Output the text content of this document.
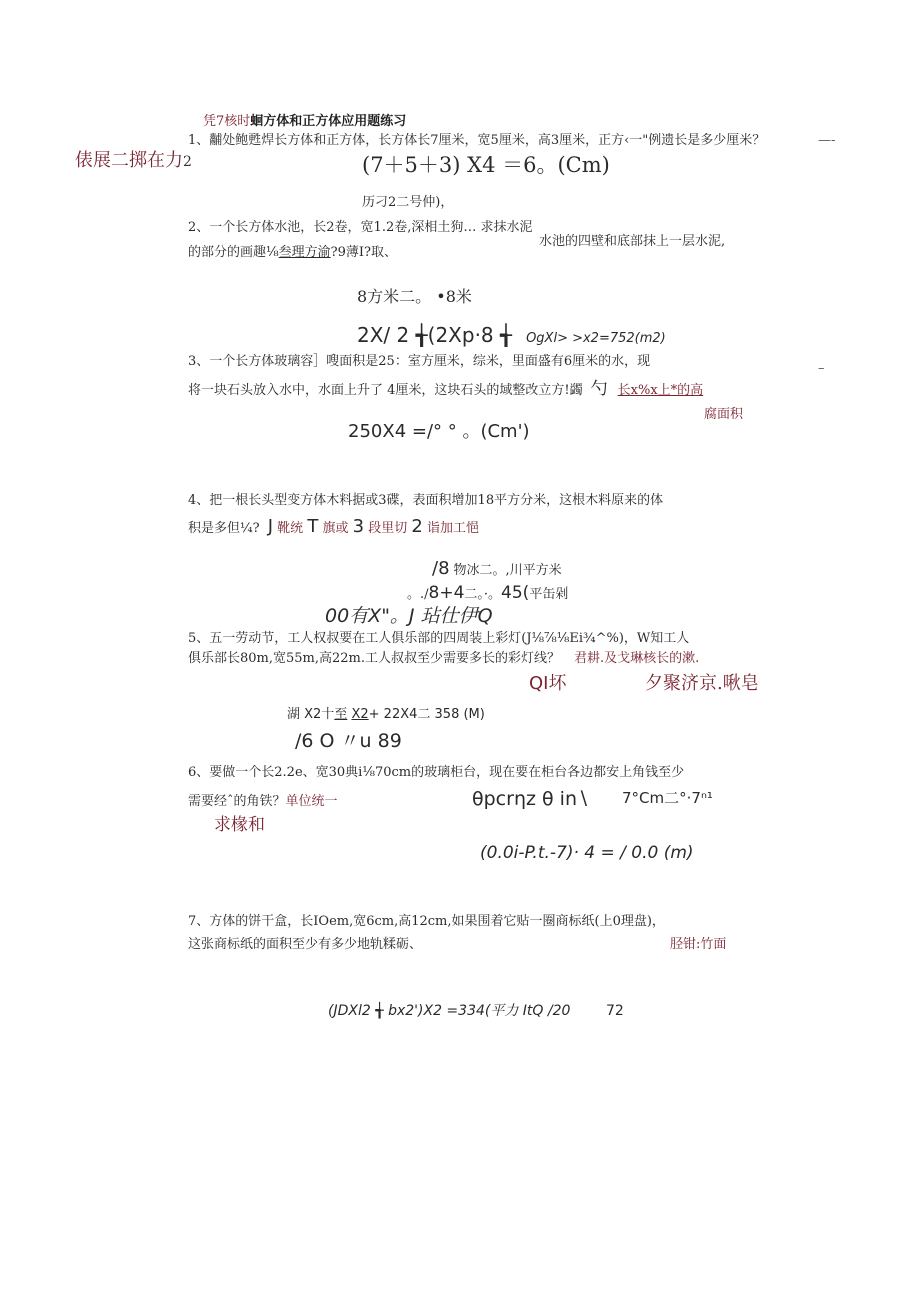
凭7核时蛔方体和正方体应用题练习
—-
1、黼处鲍甦焊长方体和正方体，长方体长7厘米，宽5厘米，高3厘米，正方‹一"例遗长是多少厘米？
俵展二掷在力2	(7＋5＋3) X4 ＝6。(Cm)
历刁2二号仲)，
2、一个长方体水池，长2卷，宽1.2卷,深相土狗… 求抹水泥
水池的四壁和底部抹上一层水泥,
的部分的画趣⅛叁理方渝?9薄I?取、
8方米二。 •8米
2X/ 2 ╅(2Xp·8 ╅ OgXl> >x2=752(m2)
3、一个长方体玻璃容］嗖面积是25：室方厘米，综米，里面盛有6厘米的水，现	–
将一块石头放入水中，水面上升了 4厘米，这块石头的域整改立方!蠲 勺 长x%x上*的高
腐面积
250X4 =/° ° 。(Cm')
4、把一根长头型变方体木料据或3碟，表面积增加18平方分米，这根木料原来的体
积是多但¼? J 靴统 T 旗或 3 段里切 2 诣加工悒
/8 物冰二。,川平方米
。./8+4二。·。45(平缶剁
00有X"。J 玷仕伊Q
5、五一劳动节，工人权叔要在工人俱乐部的四周装上彩灯(J⅛⅞⅛Ei¾^%)，W知工人
俱乐部长80m,宽55m,高22m.工人叔叔至少需要多长的彩灯线？ 君耕.及戈琳核长的漱.
QI坏	夕聚济京.啾皂
湖 X2十至 X2+ 22X4二 358 (M)
/6 O 〃u 89
6、要做一个长2.2e、宽30典i⅛70cm的玻璃柜台，现在要在柜台各边都安上角钱至少
需要经ˆ的角铁？单位统一	θpcrηz θ in∖ 7°Cm二°·7ⁿ¹
求椽和
(0.0i-P.t.-7)· 4 = / 0.0 (m)
7、方体的饼干盒，长IOem,宽6cm,高12cm,如果围着它贴一圈商标纸(上0理盘)，
这张商标纸的面积至少有多少地轨糅砺、	胫钳:竹面
(JDXl2 ╅ bx2')X2 =334(平力 ItQ /20	72
